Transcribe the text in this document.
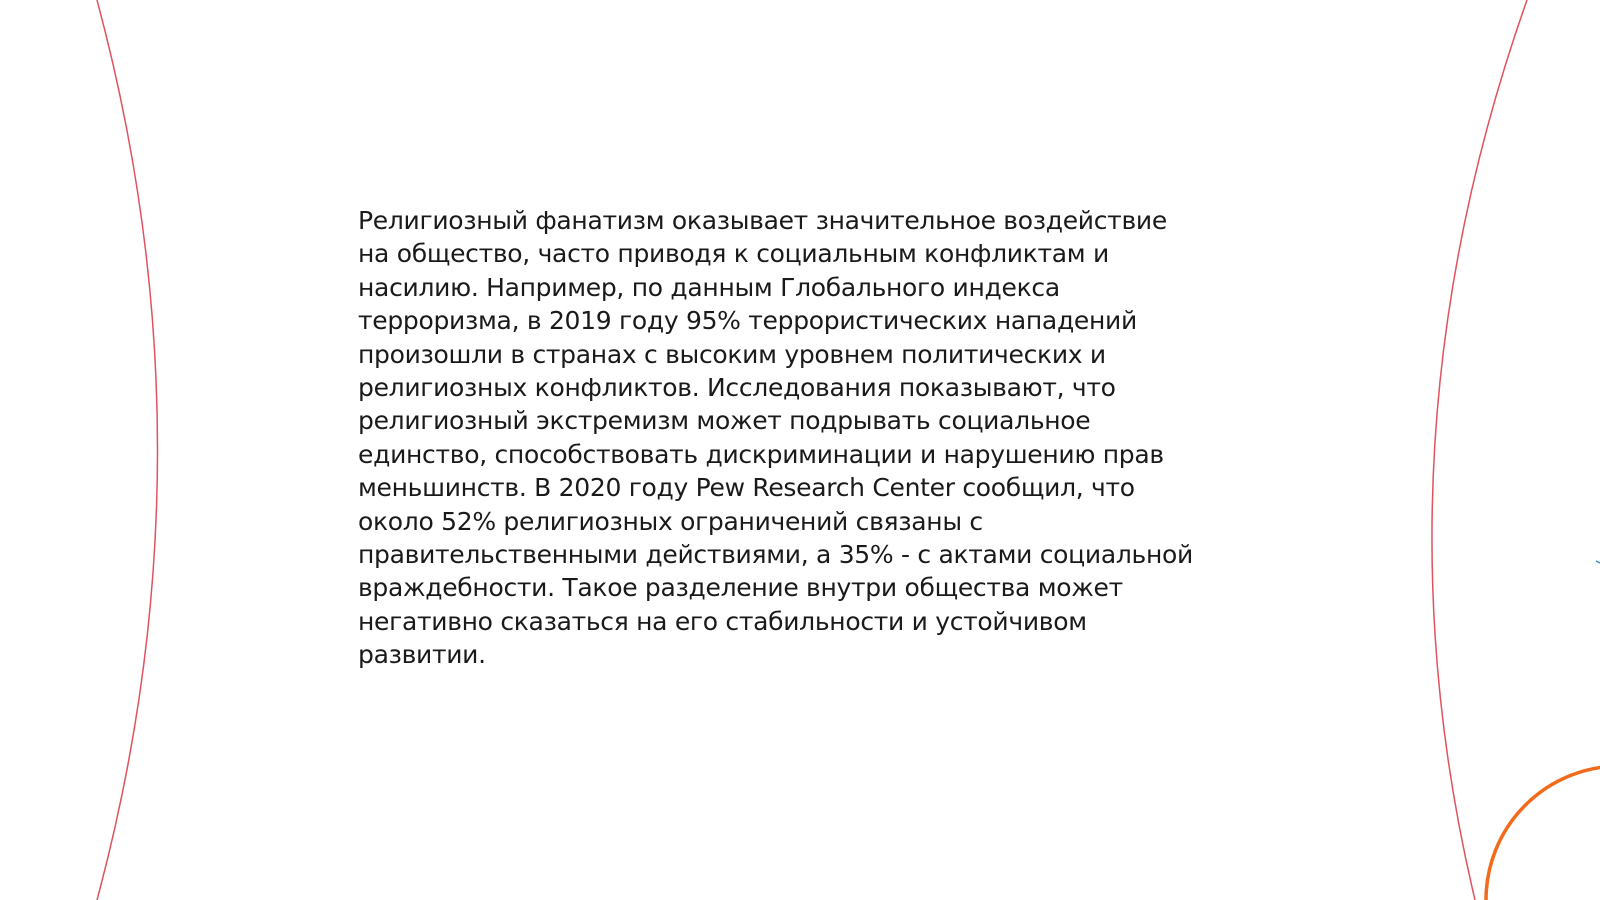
Религиозный фанатизм оказывает значительное воздействие
на общество, часто приводя к социальным конфликтам и
насилию. Например, по данным Глобального индекса
терроризма, в 2019 году 95% террористических нападений
произошли в странах с высоким уровнем политических и
религиозных конфликтов. Исследования показывают, что
религиозный экстремизм может подрывать социальное
единство, способствовать дискриминации и нарушению прав
меньшинств. В 2020 году Pew Research Center сообщил, что
около 52% религиозных ограничений связаны с
правительственными действиями, а 35% - с актами социальной
враждебности. Такое разделение внутри общества может
негативно сказаться на его стабильности и устойчивом
развитии.
